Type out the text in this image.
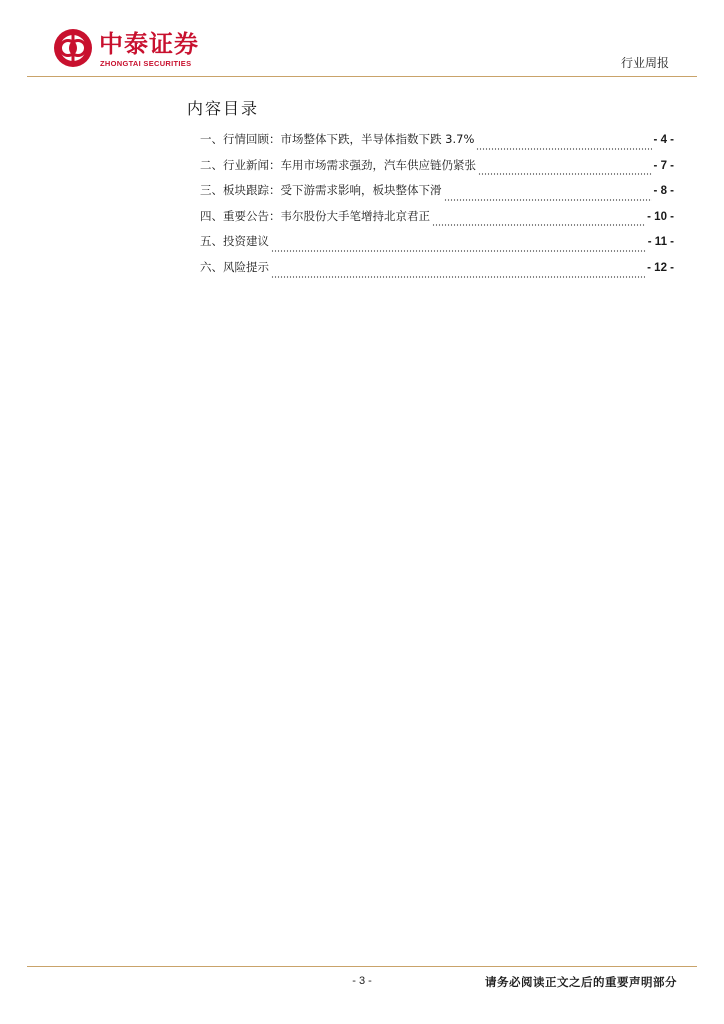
中泰证券
ZHONGTAI SECURITIES	行业周报
内容目录
一、行情回顾：市场整体下跌，半导体指数下跌 3.7%	- 4 -
二、行业新闻：车用市场需求强劲，汽车供应链仍紧张	- 7 -
三、板块跟踪：受下游需求影响，板块整体下滑	- 8 -
四、重要公告：韦尔股份大手笔增持北京君正	- 10 -
五、投资建议	- 11 -
六、风险提示	- 12 -
- 3 -	请务必阅读正文之后的重要声明部分
